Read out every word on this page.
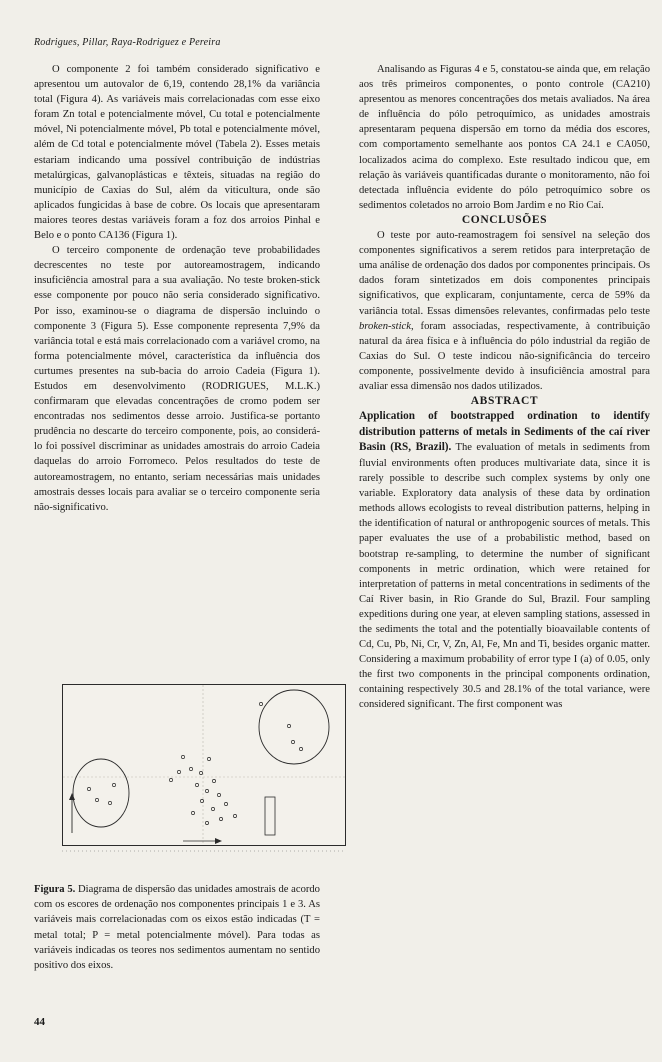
Rodrigues, Pillar, Raya-Rodriguez e Pereira

O componente 2 foi também considerado significativo e apresentou um autovalor de 6,19, contendo 28,1% da variância total (Figura 4). As variáveis mais correlacionadas com esse eixo foram Zn total e potencialmente móvel, Cu total e potencialmente móvel, Ni potencialmente móvel, Pb total e potencialmente móvel, além de Cd total e potencialmente móvel (Tabela 2). Esses metais estariam indicando uma possível contribuição de indústrias metalúrgicas, galvanoplásticas e têxteis, situadas na região do município de Caxias do Sul, além da viticultura, onde são aplicados fungicidas à base de cobre. Os locais que apresentaram maiores teores destas variáveis foram a foz dos arroios Pinhal e Belo e o ponto CA136 (Figura 1).

O terceiro componente de ordenação teve probabilidades decrescentes no teste por autoreamostragem, indicando insuficiência amostral para a sua avaliação. No teste broken-stick esse componente por pouco não seria considerado significativo. Por isso, examinou-se o diagrama de dispersão incluindo o componente 3 (Figura 5). Esse componente representa 7,9% da variância total e está mais correlacionado com a variável cromo, na forma potencialmente móvel, característica da influência dos curtumes presentes na sub-bacia do arroio Cadeia (Figura 1). Estudos em desenvolvimento (RODRIGUES, M.L.K.) confirmaram que elevadas concentrações de cromo podem ser encontradas nos sedimentos desse arroio. Justifica-se portanto prudência no descarte do terceiro componente, pois, ao considerá-lo foi possível discriminar as unidades amostrais do arroio Cadeia daquelas do arroio Forromeco. Pelos resultados do teste de autoreamostragem, no entanto, seriam necessárias mais unidades amostrais desses locais para avaliar se o terceiro componente seria não-significativo.

Figura 5. Diagrama de dispersão das unidades amostrais de acordo com os escores de ordenação nos componentes principais 1 e 3. As variáveis mais correlacionadas com os eixos estão indicadas (T = metal total; P = metal potencialmente móvel). Para todas as variáveis indicadas os teores nos sedimentos aumentam no sentido positivo dos eixos.

Analisando as Figuras 4 e 5, constatou-se ainda que, em relação aos três primeiros componentes, o ponto controle (CA210) apresentou as menores concentrações dos metais avaliados. Na área de influência do pólo petroquímico, as unidades amostrais apresentaram pequena dispersão em torno da média dos escores, com comportamento semelhante aos pontos CA 24.1 e CA050, localizados acima do complexo. Este resultado indicou que, em relação às variáveis quantificadas durante o monitoramento, não foi detectada influência evidente do pólo petroquímico sobre os sedimentos coletados no arroio Bom Jardim e no Rio Caí.

CONCLUSÕES

O teste por auto-reamostragem foi sensível na seleção dos componentes significativos a serem retidos para interpretação de uma análise de ordenação dos dados por componentes principais. Os dados foram sintetizados em dois componentes principais significativos, que explicaram, conjuntamente, cerca de 59% da variância total. Essas dimensões relevantes, confirmadas pelo teste broken-stick, foram associadas, respectivamente, à contribuição natural da área física e à influência do pólo industrial da região de Caxias do Sul. O teste indicou não-significância do terceiro componente, possivelmente devido à insuficiência amostral para avaliar essa dimensão nos dados utilizados.

ABSTRACT

Application of bootstrapped ordination to identify distribution patterns of metals in Sediments of the caí river Basin (RS, Brazil). The evaluation of metals in sediments from fluvial environments often produces multivariate data, since it is rarely possible to describe such complex systems by only one variable. Exploratory data analysis of these data by ordination methods allows ecologists to reveal distribution patterns, helping in the identification of natural or anthropogenic sources of metals. This paper evaluates the use of a probabilistic method, based on bootstrap re-sampling, to determine the number of significant components in metric ordination, which were retained for interpretation of patterns in metal concentrations in sediments of the Caí River basin, in Rio Grande do Sul, Brazil. Four sampling expeditions during one year, at eleven sampling stations, assessed in the sediments the total and the potentially bioavailable contents of Cd, Cu, Pb, Ni, Cr, V, Zn, Al, Fe, Mn and Ti, besides organic matter. Considering a maximum probability of error type I (a) of 0.05, only the first two components in the principal components ordination, containing respectively 30.5 and 28.1% of the total variance, were considered significant. The first component was

44
